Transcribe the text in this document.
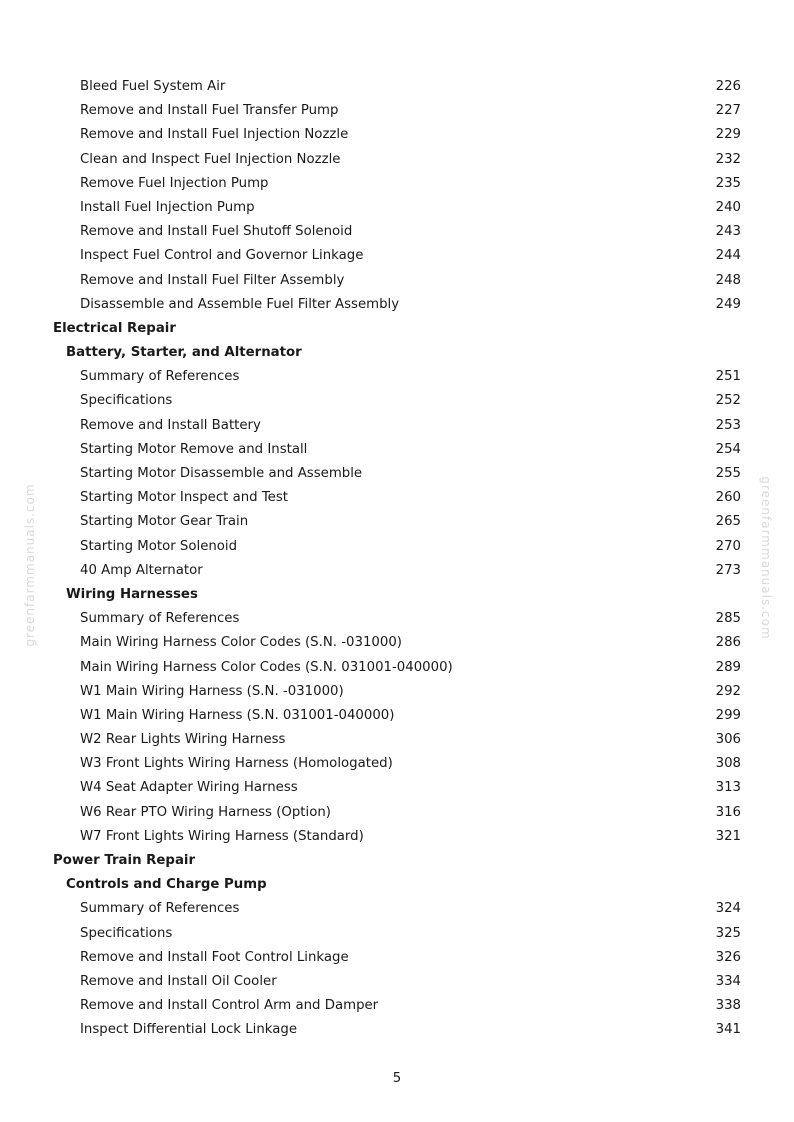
greenfarmmanuals.com	greenfarmmanuals.com
Bleed Fuel System Air	226
Remove and Install Fuel Transfer Pump	227
Remove and Install Fuel Injection Nozzle	229
Clean and Inspect Fuel Injection Nozzle	232
Remove Fuel Injection Pump	235
Install Fuel Injection Pump	240
Remove and Install Fuel Shutoff Solenoid	243
Inspect Fuel Control and Governor Linkage	244
Remove and Install Fuel Filter Assembly	248
Disassemble and Assemble Fuel Filter Assembly	249
Electrical Repair
Battery, Starter, and Alternator
Summary of References	251
Specifications	252
Remove and Install Battery	253
Starting Motor Remove and Install	254
Starting Motor Disassemble and Assemble	255
Starting Motor Inspect and Test	260
Starting Motor Gear Train	265
Starting Motor Solenoid	270
40 Amp Alternator	273
Wiring Harnesses
Summary of References	285
Main Wiring Harness Color Codes (S.N. -031000)	286
Main Wiring Harness Color Codes (S.N. 031001-040000)	289
W1 Main Wiring Harness (S.N. -031000)	292
W1 Main Wiring Harness (S.N. 031001-040000)	299
W2 Rear Lights Wiring Harness	306
W3 Front Lights Wiring Harness (Homologated)	308
W4 Seat Adapter Wiring Harness	313
W6 Rear PTO Wiring Harness (Option)	316
W7 Front Lights Wiring Harness (Standard)	321
Power Train Repair
Controls and Charge Pump
Summary of References	324
Specifications	325
Remove and Install Foot Control Linkage	326
Remove and Install Oil Cooler	334
Remove and Install Control Arm and Damper	338
Inspect Differential Lock Linkage	341
5
